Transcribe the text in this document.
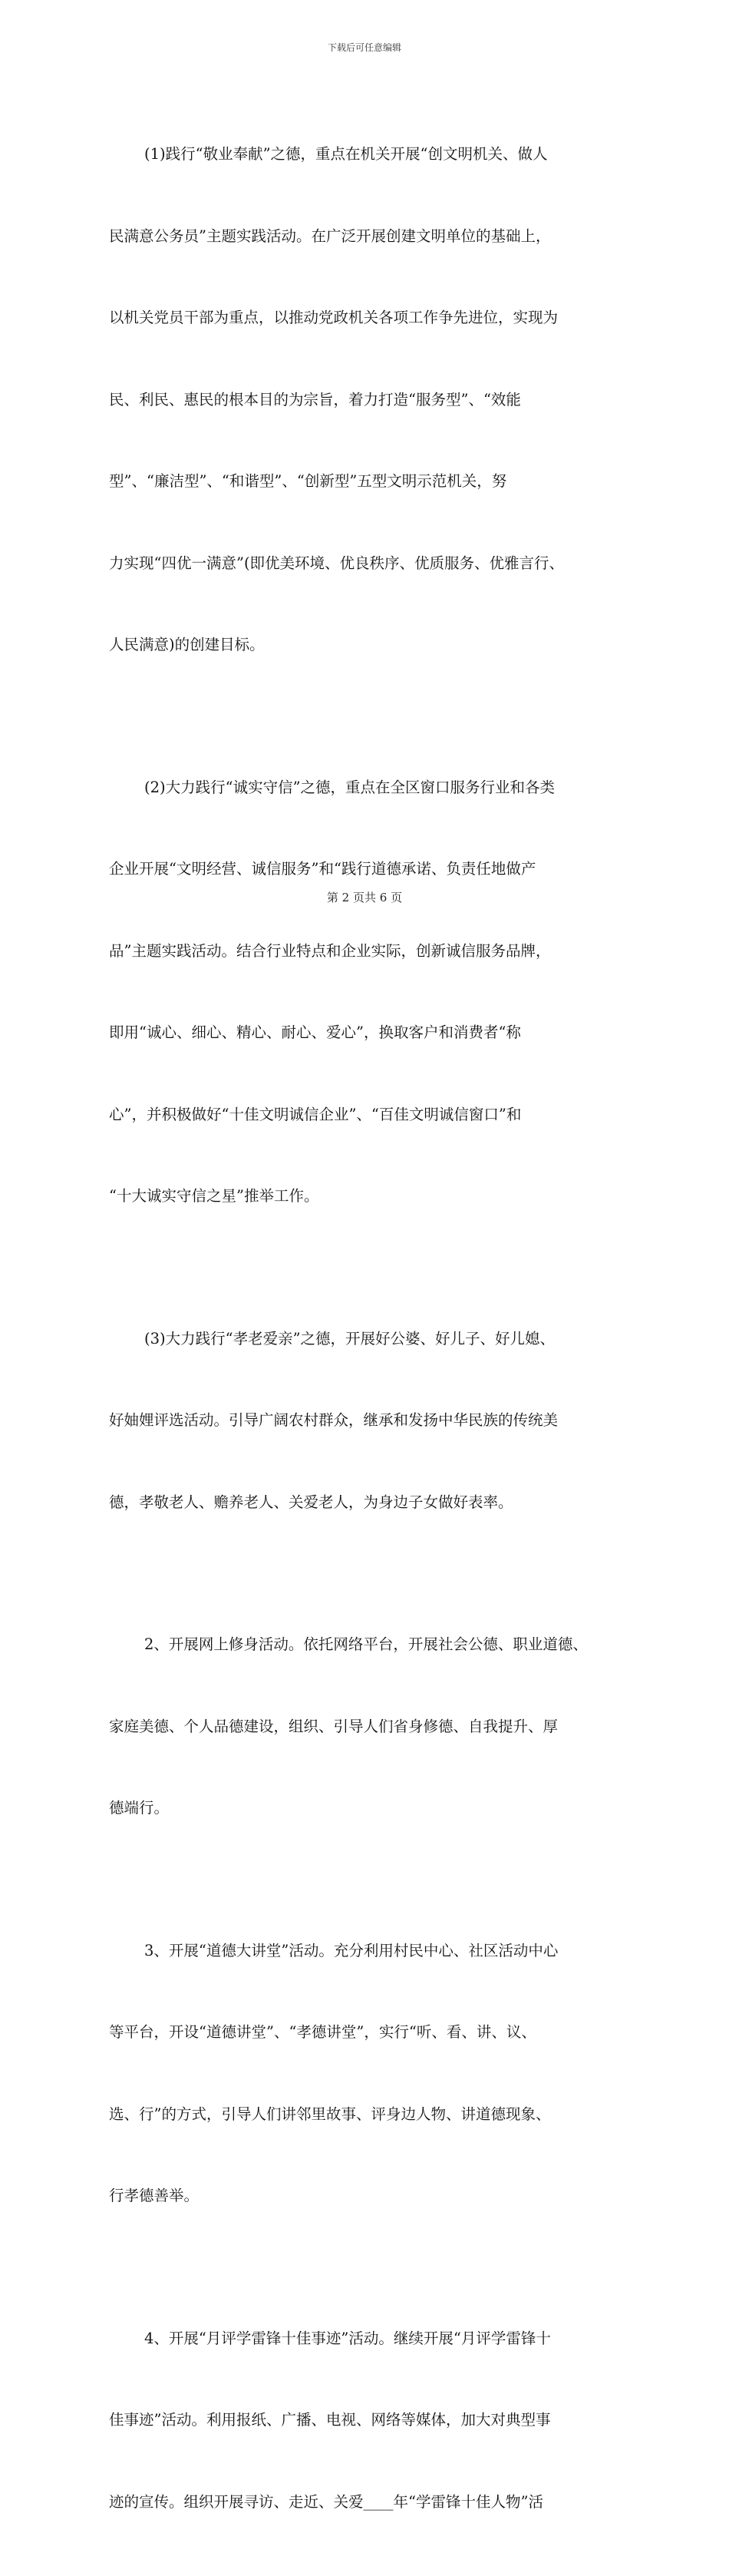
下载后可任意编辑

(1)践行“敬业奉献”之德，重点在机关开展“创文明机关、做人

民满意公务员”主题实践活动。在广泛开展创建文明单位的基础上，

以机关党员干部为重点，以推动党政机关各项工作争先进位，实现为

民、利民、惠民的根本目的为宗旨，着力打造“服务型”、“效能

型”、“廉洁型”、“和谐型”、“创新型”五型文明示范机关，努

力实现“四优一满意”(即优美环境、优良秩序、优质服务、优雅言行、

人民满意)的创建目标。

(2)大力践行“诚实守信”之德，重点在全区窗口服务行业和各类

企业开展“文明经营、诚信服务”和“践行道德承诺、负责任地做产

品”主题实践活动。结合行业特点和企业实际，创新诚信服务品牌，

即用“诚心、细心、精心、耐心、爱心”，换取客户和消费者“称

心”，并积极做好“十佳文明诚信企业”、“百佳文明诚信窗口”和

“十大诚实守信之星”推举工作。

(3)大力践行“孝老爱亲”之德，开展好公婆、好儿子、好儿媳、

好妯娌评选活动。引导广阔农村群众，继承和发扬中华民族的传统美

德，孝敬老人、赡养老人、关爱老人，为身边子女做好表率。

2、开展网上修身活动。依托网络平台，开展社会公德、职业道德、

家庭美德、个人品德建设，组织、引导人们省身修德、自我提升、厚

德端行。

3、开展“道德大讲堂”活动。充分利用村民中心、社区活动中心

等平台，开设“道德讲堂”、“孝德讲堂”，实行“听、看、讲、议、

选、行”的方式，引导人们讲邻里故事、评身边人物、讲道德现象、

行孝德善举。

4、开展“月评学雷锋十佳事迹”活动。继续开展“月评学雷锋十

佳事迹”活动。利用报纸、广播、电视、网络等媒体，加大对典型事

迹的宣传。组织开展寻访、走近、关爱____年“学雷锋十佳人物”活

第 2 页共 6 页
